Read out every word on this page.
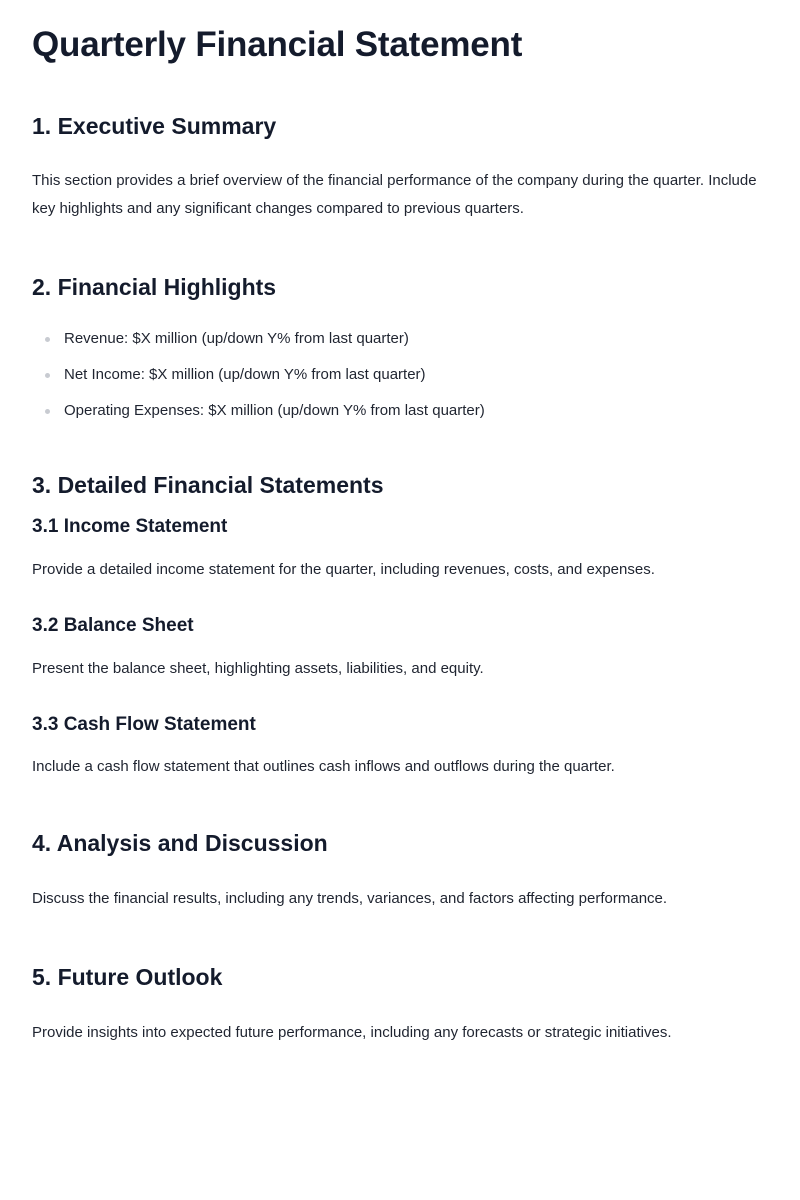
Quarterly Financial Statement
1. Executive Summary

This section provides a brief overview of the financial performance of the company during the quarter. Include key highlights and any significant changes compared to previous quarters.

2. Financial Highlights
Revenue: $X million (up/down Y% from last quarter)
Net Income: $X million (up/down Y% from last quarter)
Operating Expenses: $X million (up/down Y% from last quarter)
3. Detailed Financial Statements
3.1 Income Statement

Provide a detailed income statement for the quarter, including revenues, costs, and expenses.

3.2 Balance Sheet

Present the balance sheet, highlighting assets, liabilities, and equity.

3.3 Cash Flow Statement

Include a cash flow statement that outlines cash inflows and outflows during the quarter.

4. Analysis and Discussion

Discuss the financial results, including any trends, variances, and factors affecting performance.

5. Future Outlook

Provide insights into expected future performance, including any forecasts or strategic initiatives.
